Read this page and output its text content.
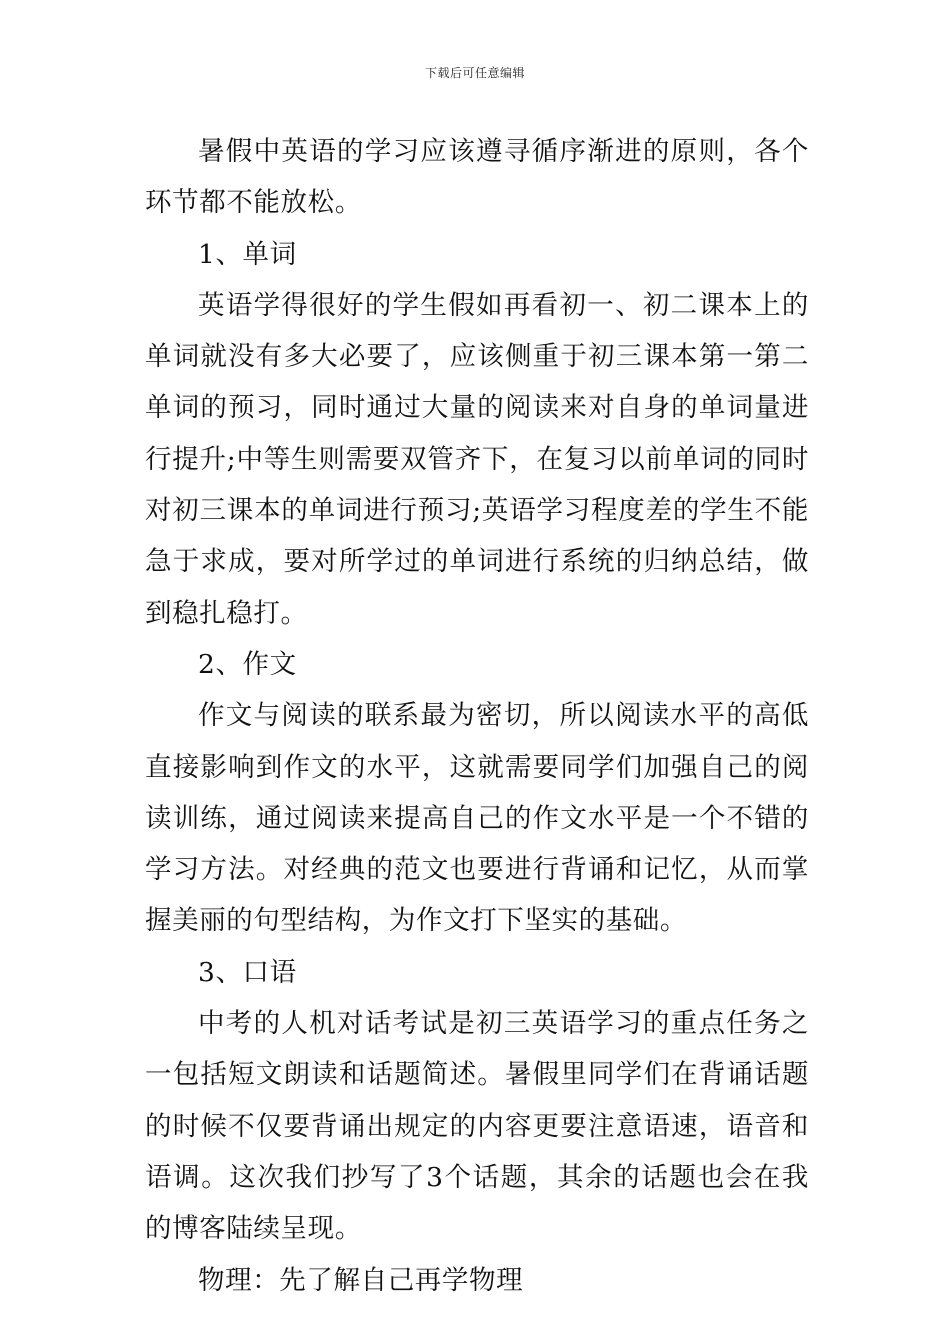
下载后可任意编辑

暑假中英语的学习应该遵寻循序渐进的原则，各个环节都不能放松。

1、单词

英语学得很好的学生假如再看初一、初二课本上的单词就没有多大必要了，应该侧重于初三课本第一第二单词的预习，同时通过大量的阅读来对自身的单词量进行提升;中等生则需要双管齐下，在复习以前单词的同时对初三课本的单词进行预习;英语学习程度差的学生不能急于求成，要对所学过的单词进行系统的归纳总结，做到稳扎稳打。

2、作文

作文与阅读的联系最为密切，所以阅读水平的高低直接影响到作文的水平，这就需要同学们加强自己的阅读训练，通过阅读来提高自己的作文水平是一个不错的学习方法。对经典的范文也要进行背诵和记忆，从而掌握美丽的句型结构，为作文打下坚实的基础。

3、口语

中考的人机对话考试是初三英语学习的重点任务之一包括短文朗读和话题简述。暑假里同学们在背诵话题的时候不仅要背诵出规定的内容更要注意语速，语音和语调。这次我们抄写了3个话题，其余的话题也会在我的博客陆续呈现。

物理：先了解自己再学物理
